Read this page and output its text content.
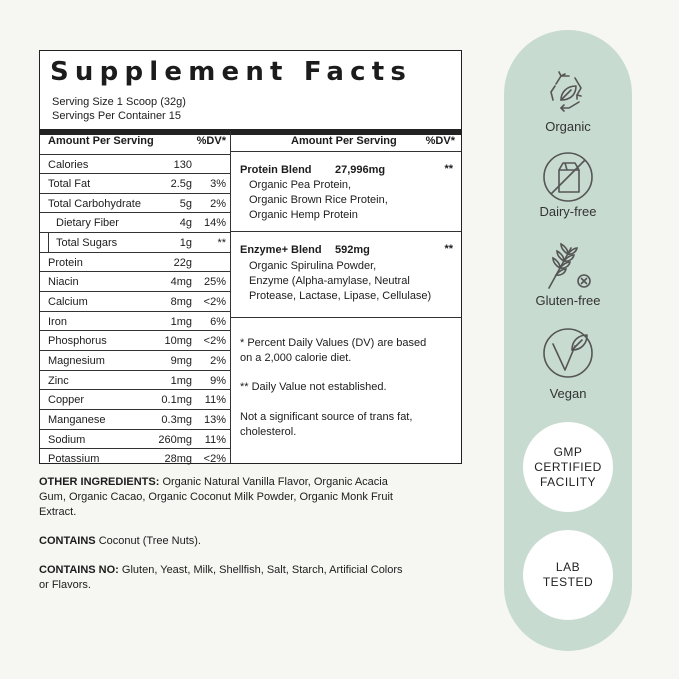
Supplement Facts
Serving Size 1 Scoop (32g)
Servings Per Container 15
Amount Per Serving	%DV*
Calories	130
Total Fat	2.5g 3%
Total Carbohydrate	5g 2%
Dietary Fiber	4g 14%
Total Sugars	1g **
Protein	22g
Niacin	4mg 25%
Calcium	8mg <2%
Iron	1mg 6%
Phosphorus	10mg <2%
Magnesium	9mg 2%
Zinc	1mg 9%
Copper	0.1mg 11%
Manganese	0.3mg 13%
Sodium	260mg 11%
Potassium	28mg <2%
Amount Per Serving	%DV*
Protein Blend 27,996mg	**
Organic Pea Protein,
Organic Brown Rice Protein,
Organic Hemp Protein
Enzyme+ Blend 592mg	**
Organic Spirulina Powder,
Enzyme (Alpha-amylase, Neutral
Protease, Lactase, Lipase, Cellulase)
* Percent Daily Values (DV) are based
on a 2,000 calorie diet.
** Daily Value not established.
Not a significant source of trans fat,
cholesterol.
OTHER INGREDIENTS: Organic Natural Vanilla Flavor, Organic Acacia
Gum, Organic Cacao, Organic Coconut Milk Powder, Organic Monk Fruit
Extract.
CONTAINS Coconut (Tree Nuts).
CONTAINS NO: Gluten, Yeast, Milk, Shellfish, Salt, Starch, Artificial Colors
or Flavors.
Organic
Dairy-free
Gluten-free
Vegan
GMP
CERTIFIED
FACILITY
LAB
TESTED
